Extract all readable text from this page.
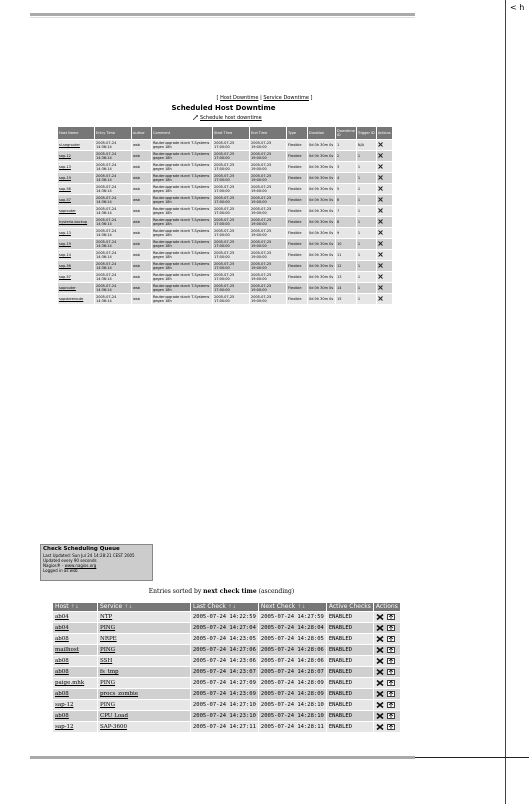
< h
[ Host Downtime | Service Downtime ]
Scheduled Host Downtime
Schedule host downtime
Host Name	Entry Time	Author	Comment	Start Time	End Time	Type	Duration	Downtime ID	Trigger ID	Actions
sl-segrouter	2005-07-24 14:36:14	wsb	Routerupgrade durch T-Systems gegen 18h	2005-07-25 17:00:00	2005-07-25 19:00:00	Flexible	0d 0h 30m 0s	1	N/A	
sap-12	2005-07-24 14:36:14	wsb	Routerupgrade durch T-Systems gegen 18h	2005-07-25 17:00:00	2005-07-25 19:00:00	Flexible	0d 0h 30m 0s	2	1	
sap-13	2005-07-24 14:36:14	wsb	Routerupgrade durch T-Systems gegen 18h	2005-07-25 17:00:00	2005-07-25 19:00:00	Flexible	0d 0h 30m 0s	3	1	
sap-19	2005-07-24 14:36:14	wsb	Routerupgrade durch T-Systems gegen 18h	2005-07-25 17:00:00	2005-07-25 19:00:00	Flexible	0d 0h 30m 0s	4	1	
sap-56	2005-07-24 14:36:14	wsb	Routerupgrade durch T-Systems gegen 18h	2005-07-25 17:00:00	2005-07-25 19:00:00	Flexible	0d 0h 30m 0s	5	1	
sap-57	2005-07-24 14:36:14	wsb	Routerupgrade durch T-Systems gegen 18h	2005-07-25 17:00:00	2005-07-25 19:00:00	Flexible	0d 0h 30m 0s	6	1	
saprouter	2005-07-24 14:36:14	wsb	Routerupgrade durch T-Systems gegen 18h	2005-07-25 17:00:00	2005-07-25 19:00:00	Flexible	0d 0h 30m 0s	7	1	
hysteria-backup	2005-07-24 14:36:14	wsb	Routerupgrade durch T-Systems gegen 18h	2005-07-25 17:00:00	2005-07-25 19:00:00	Flexible	0d 0h 30m 0s	8	1	
sap-13	2005-07-24 14:36:14	wsb	Routerupgrade durch T-Systems gegen 18h	2005-07-25 17:00:00	2005-07-25 19:00:00	Flexible	0d 0h 30m 0s	9	1	
sap-19	2005-07-24 14:36:14	wsb	Routerupgrade durch T-Systems gegen 18h	2005-07-25 17:00:00	2005-07-25 19:00:00	Flexible	0d 0h 30m 0s	10	1	
sap-14	2005-07-24 14:36:14	wsb	Routerupgrade durch T-Systems gegen 18h	2005-07-25 17:00:00	2005-07-25 19:00:00	Flexible	0d 0h 30m 0s	11	1	
sap-56	2005-07-24 14:36:14	wsb	Routerupgrade durch T-Systems gegen 18h	2005-07-25 17:00:00	2005-07-25 19:00:00	Flexible	0d 0h 30m 0s	12	1	
sap-57	2005-07-24 14:36:14	wsb	Routerupgrade durch T-Systems gegen 18h	2005-07-25 17:00:00	2005-07-25 19:00:00	Flexible	0d 0h 30m 0s	13	1	
saprouter	2005-07-24 14:36:14	wsb	Routerupgrade durch T-Systems gegen 18h	2005-07-25 17:00:00	2005-07-25 19:00:00	Flexible	0d 0h 30m 0s	14	1	
sapstoreroute	2005-07-24 14:36:14	wsb	Routerupgrade durch T-Systems gegen 18h	2005-07-25 17:00:00	2005-07-25 19:00:00	Flexible	0d 0h 30m 0s	15	1	
Check Scheduling Queue
Last Updated: Sun Jul 24 14:28:21 CEST 2005
Updated every 90 seconds
Nagios® - www.nagios.org
Logged in as wsb
Entries sorted by next check time (ascending)
Host ↑↓	Service ↑↓	Last Check ↑↓	Next Check ↑↓	Active Checks	Actions
ab04	NTP	2005-07-24 14:22:59	2005-07-24 14:27:59	ENABLED	
ab04	PING	2005-07-24 14:27:04	2005-07-24 14:28:04	ENABLED	
ab08	NRPE	2005-07-24 14:23:05	2005-07-24 14:28:05	ENABLED	
mailhost	PING	2005-07-24 14:27:06	2005-07-24 14:28:06	ENABLED	
ab08	SSH	2005-07-24 14:23:06	2005-07-24 14:28:06	ENABLED	
ab08	fs_tmp	2005-07-24 14:23:07	2005-07-24 14:28:07	ENABLED	
paige.mhk	PING	2005-07-24 14:27:09	2005-07-24 14:28:09	ENABLED	
ab08	procs_zombie	2005-07-24 14:23:09	2005-07-24 14:28:09	ENABLED	
sap-12	PING	2005-07-24 14:27:10	2005-07-24 14:28:10	ENABLED	
ab08	CPU Load	2005-07-24 14:23:10	2005-07-24 14:28:10	ENABLED	
sap-12	SAP-3600	2005-07-24 14:27:11	2005-07-24 14:28:11	ENABLED	
